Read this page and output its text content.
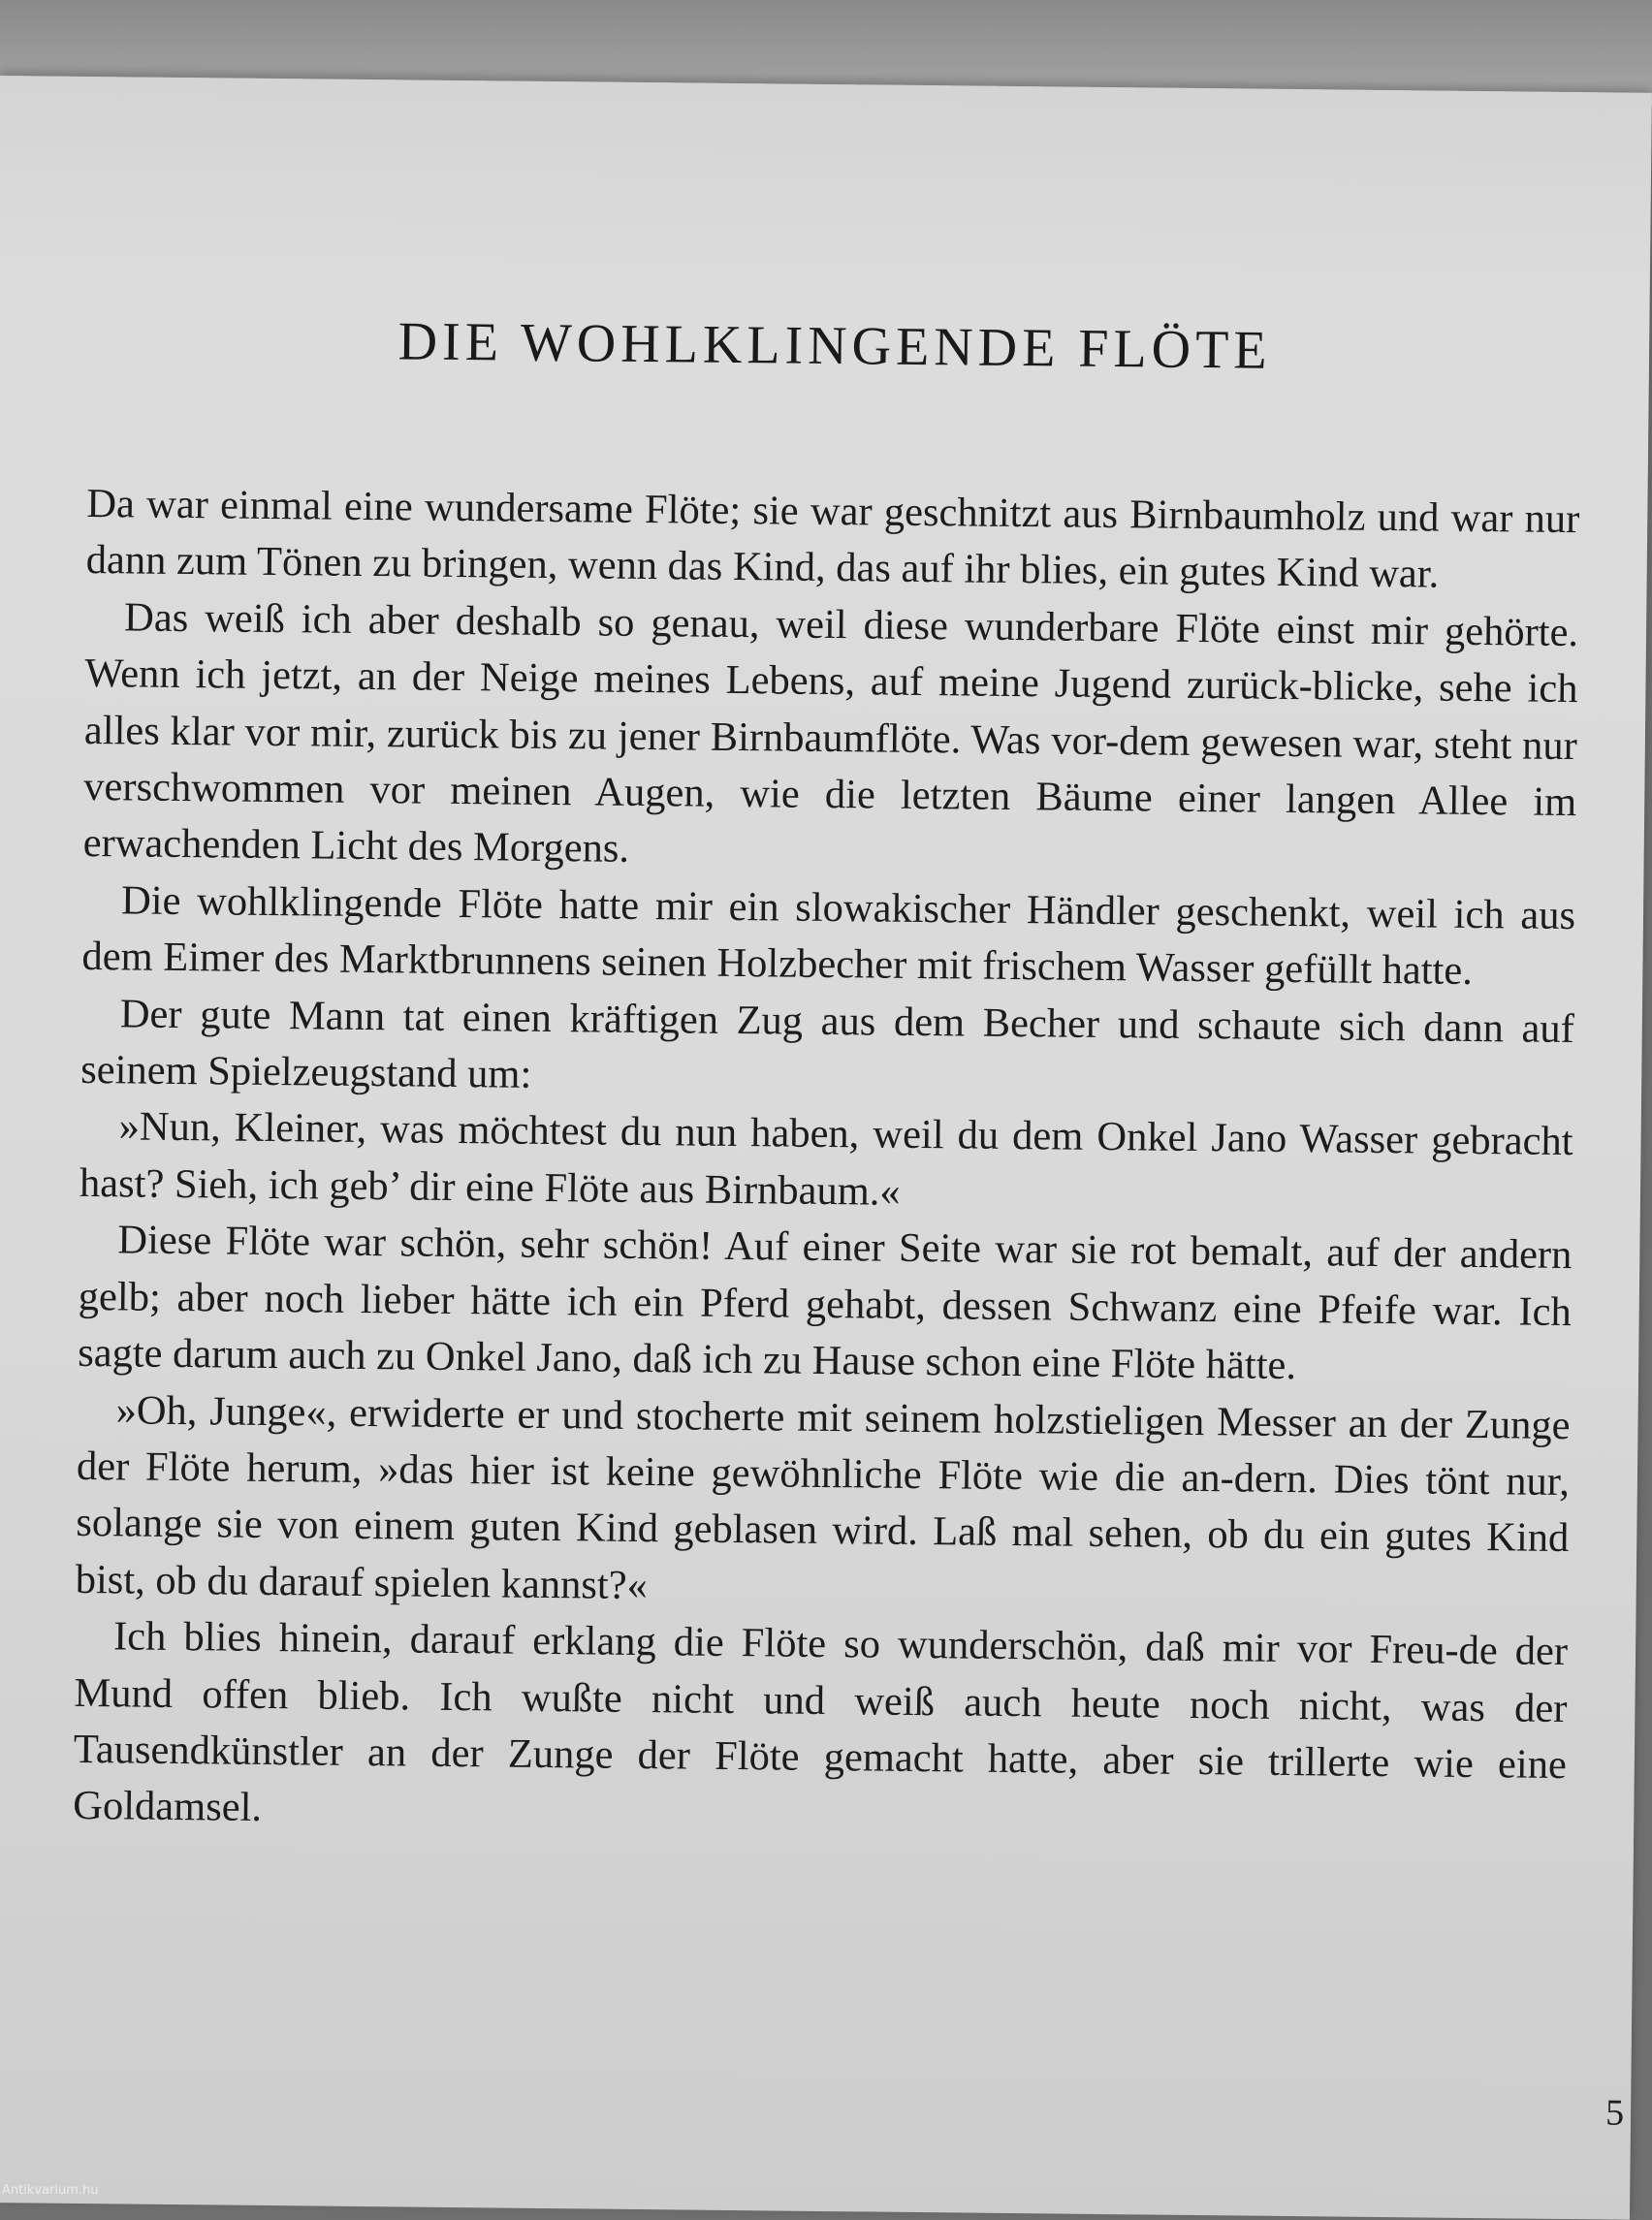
DIE WOHLKLINGENDE FLÖTE

Da war einmal eine wundersame Flöte; sie war geschnitzt aus Birnbaumholz und war nur dann zum Tönen zu bringen, wenn das Kind, das auf ihr blies, ein gutes Kind war.

Das weiß ich aber deshalb so genau, weil diese wunderbare Flöte einst mir gehörte. Wenn ich jetzt, an der Neige meines Lebens, auf meine Jugend zurück-blicke, sehe ich alles klar vor mir, zurück bis zu jener Birnbaumflöte. Was vor-dem gewesen war, steht nur verschwommen vor meinen Augen, wie die letzten Bäume einer langen Allee im erwachenden Licht des Morgens.

Die wohlklingende Flöte hatte mir ein slowakischer Händler geschenkt, weil ich aus dem Eimer des Marktbrunnens seinen Holzbecher mit frischem Wasser gefüllt hatte.

Der gute Mann tat einen kräftigen Zug aus dem Becher und schaute sich dann auf seinem Spielzeugstand um:

»Nun, Kleiner, was möchtest du nun haben, weil du dem Onkel Jano Wasser gebracht hast? Sieh, ich geb’ dir eine Flöte aus Birnbaum.«

Diese Flöte war schön, sehr schön! Auf einer Seite war sie rot bemalt, auf der andern gelb; aber noch lieber hätte ich ein Pferd gehabt, dessen Schwanz eine Pfeife war. Ich sagte darum auch zu Onkel Jano, daß ich zu Hause schon eine Flöte hätte.

»Oh, Junge«, erwiderte er und stocherte mit seinem holzstieligen Messer an der Zunge der Flöte herum, »das hier ist keine gewöhnliche Flöte wie die an-dern. Dies tönt nur, solange sie von einem guten Kind geblasen wird. Laß mal sehen, ob du ein gutes Kind bist, ob du darauf spielen kannst?«

Ich blies hinein, darauf erklang die Flöte so wunderschön, daß mir vor Freu-de der Mund offen blieb. Ich wußte nicht und weiß auch heute noch nicht, was der Tausendkünstler an der Zunge der Flöte gemacht hatte, aber sie trillerte wie eine Goldamsel.

5
Antikvarium.hu
